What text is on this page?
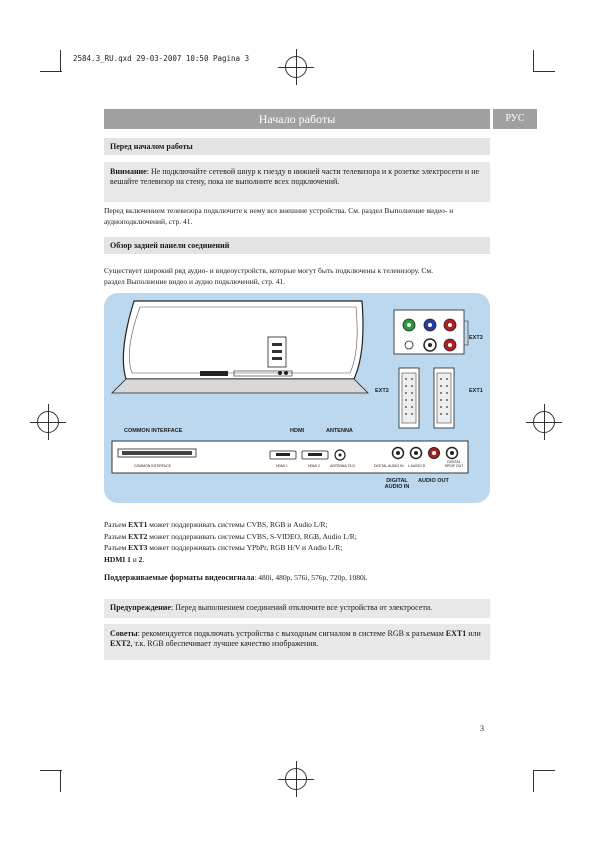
2584.3_RU.qxd 29-03-2007 10:50 Pagina 3
Начало работы	РУС
Перед началом работы
Внимание: Не подключайте сетевой шнур к гнезду в нижней части телевизора и к розетке электросети и не вешайте телевизор на стену, пока не выполните всех подключений.
Перед включением телевизора подключите к нему все внешние устройства. См. раздел Выполнение видео- и аудиоподключений, стр. 41.
Обзор задней панели соединений
Существует широкий ряд аудио- и видеоустройств, которые могут быть подключены к телевизору. См. раздел Выполнение видео и аудио подключений, стр. 41.
EXT3
EXT2	EXT1
COMMON INTERFACE	HDMI	ANTENNA
COMMON INTERFACE	HDMI 1	HDMI 2	ANTENNA 75 Ω	DIGITAL AUDIO IN L AUDIO R
DIGITAL SPDIF OUT
DIGITAL AUDIO IN
AUDIO OUT
Разъем EXT1 может поддерживать системы CVBS, RGB и Audio L/R;
Разъем EXT2 может поддерживать системы CVBS, S-VIDEO, RGB, Audio L/R;
Разъем EXT3 может поддерживать системы YPbPr, RGB H/V и Audio L/R;
HDMI 1 и 2.
Поддерживаемые форматы видеосигнала: 480i, 480p, 576i, 576p, 720p, 1080i.
Предупреждение: Перед выполнением соединений отключите все устройства от электросети.
Советы: рекомендуется подключать устройства с выходным сигналом в системе RGB к разъемам EXT1 или EXT2, т.к. RGB обеспечивает лучшее качество изображения.
3
